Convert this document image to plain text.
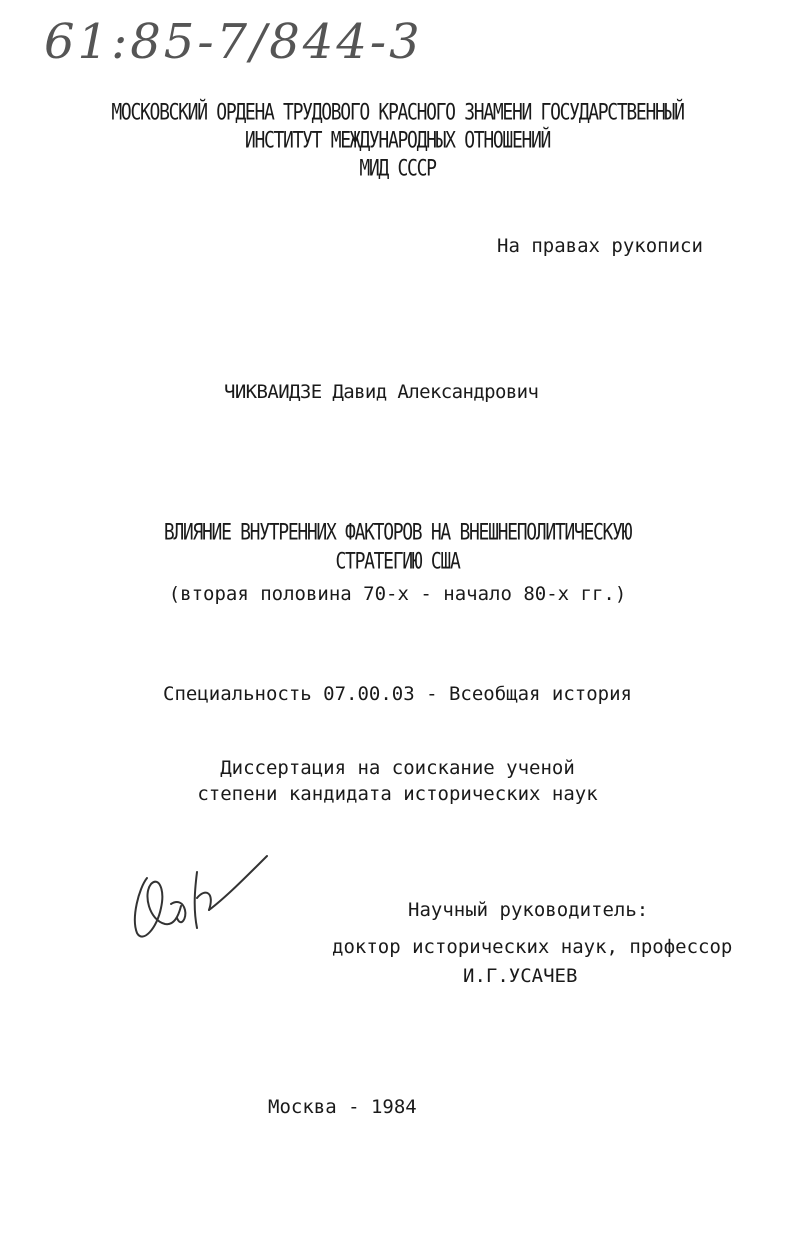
61:85-7/844-3
МОСКОВСКИЙ ОРДЕНА ТРУДОВОГО КРАСНОГО ЗНАМЕНИ ГОСУДАРСТВЕННЫЙ
ИНСТИТУТ МЕЖДУНАРОДНЫХ ОТНОШЕНИЙ
МИД СССР
На правах рукописи
ЧИКВАИДЗЕ Давид Александрович
ВЛИЯНИЕ ВНУТРЕННИХ ФАКТОРОВ НА ВНЕШНЕПОЛИТИЧЕСКУЮ
СТРАТЕГИЮ США
(вторая половина 70-х - начало 80-х гг.)
Специальность 07.00.03 - Всеобщая история
Диссертация на соискание ученой
степени кандидата исторических наук
Научный руководитель:
доктор исторических наук, профессор
И.Г.УСАЧЕВ
Москва - 1984
